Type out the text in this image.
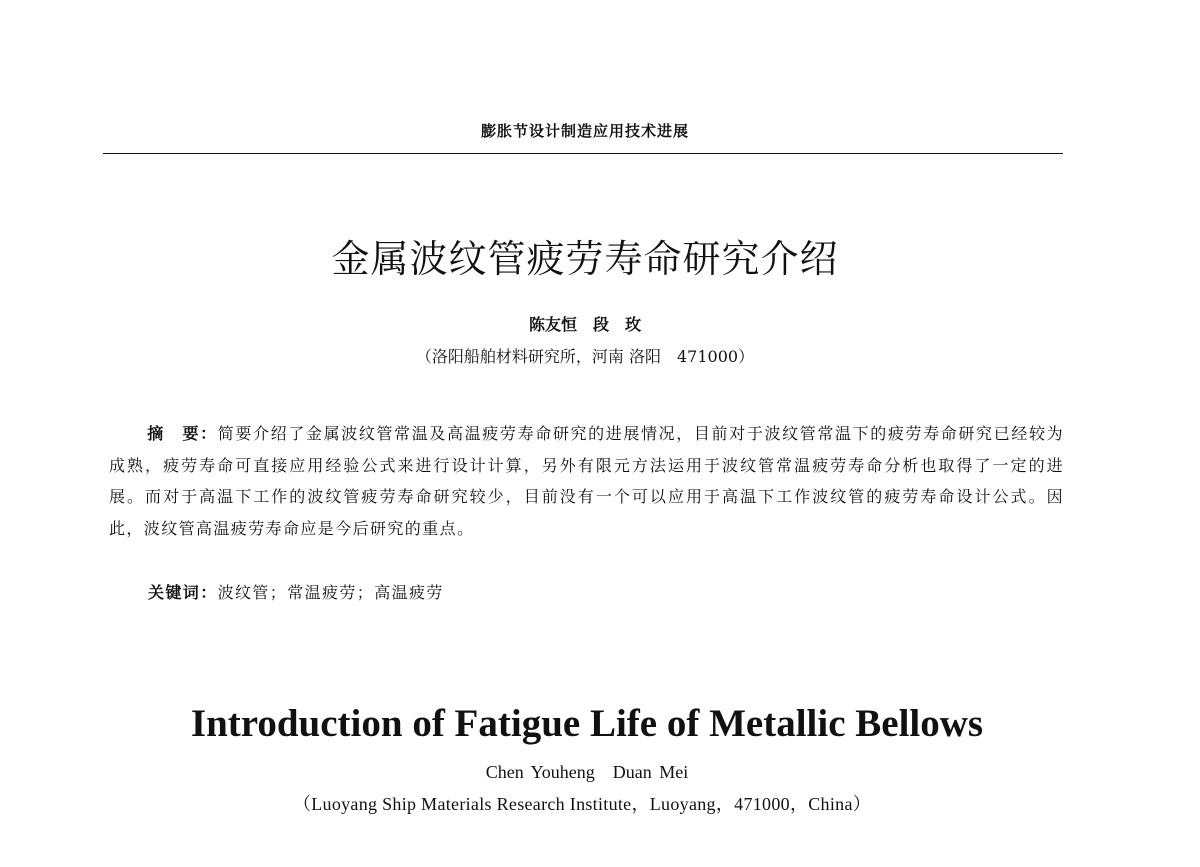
膨胀节设计制造应用技术进展
金属波纹管疲劳寿命研究介绍
陈友恒　段　玫
（洛阳船舶材料研究所，河南 洛阳　471000）
摘　要：简要介绍了金属波纹管常温及高温疲劳寿命研究的进展情况，目前对于波纹管常温下的疲劳寿命研究已经较为成熟，疲劳寿命可直接应用经验公式来进行设计计算，另外有限元方法运用于波纹管常温疲劳寿命分析也取得了一定的进展。而对于高温下工作的波纹管疲劳寿命研究较少，目前没有一个可以应用于高温下工作波纹管的疲劳寿命设计公式。因此，波纹管高温疲劳寿命应是今后研究的重点。
关键词：波纹管；常温疲劳；高温疲劳
Introduction of Fatigue Life of Metallic Bellows
Chen Youheng　Duan Mei
（Luoyang Ship Materials Research Institute，Luoyang，471000，China）
